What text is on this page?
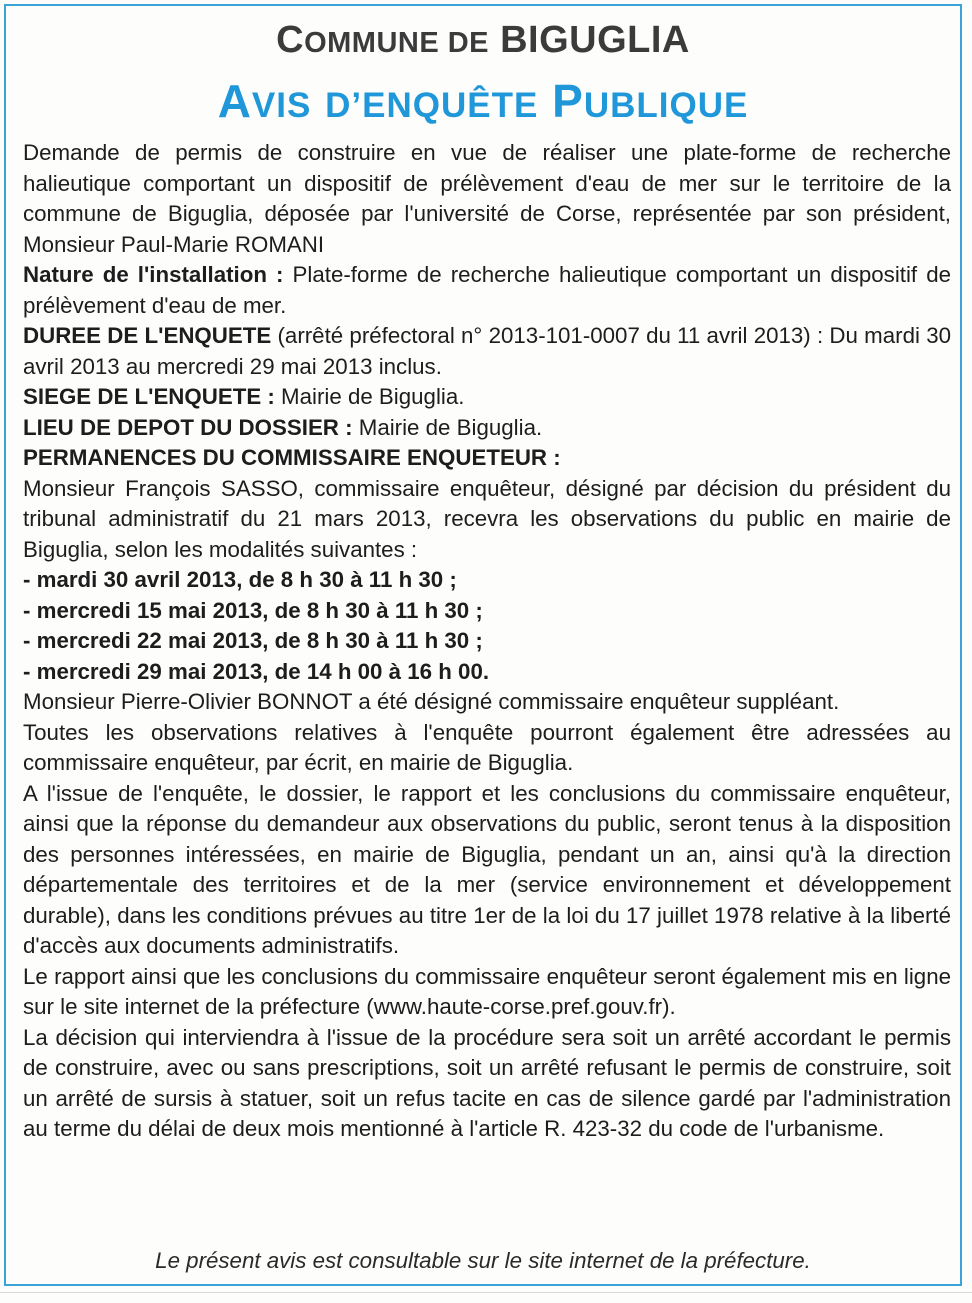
COMMUNE DE BIGUGLIA
AVIS D’ENQUÊTE PUBLIQUE

Demande de permis de construire en vue de réaliser une plate-forme de recherche halieutique comportant un dispositif de prélèvement d'eau de mer sur le territoire de la commune de Biguglia, déposée par l'université de Corse, représentée par son président, Monsieur Paul-Marie ROMANI

Nature de l'installation : Plate-forme de recherche halieutique comportant un dispositif de prélèvement d'eau de mer.

DUREE DE L'ENQUETE (arrêté préfectoral n° 2013-101-0007 du 11 avril 2013) : Du mardi 30 avril 2013 au mercredi 29 mai 2013 inclus.

SIEGE DE L'ENQUETE : Mairie de Biguglia.

LIEU DE DEPOT DU DOSSIER : Mairie de Biguglia.

PERMANENCES DU COMMISSAIRE ENQUETEUR :

Monsieur François SASSO, commissaire enquêteur, désigné par décision du président du tribunal administratif du 21 mars 2013, recevra les observations du public en mairie de Biguglia, selon les modalités suivantes :

- mardi 30 avril 2013, de 8 h 30 à 11 h 30 ;

- mercredi 15 mai 2013, de 8 h 30 à 11 h 30 ;

- mercredi 22 mai 2013, de 8 h 30 à 11 h 30 ;

- mercredi 29 mai 2013, de 14 h 00 à 16 h 00.

Monsieur Pierre-Olivier BONNOT a été désigné commissaire enquêteur suppléant.

Toutes les observations relatives à l'enquête pourront également être adressées au commissaire enquêteur, par écrit, en mairie de Biguglia.

A l'issue de l'enquête, le dossier, le rapport et les conclusions du commissaire enquêteur, ainsi que la réponse du demandeur aux observations du public, seront tenus à la disposition des personnes intéressées, en mairie de Biguglia, pendant un an, ainsi qu'à la direction départementale des territoires et de la mer (service environnement et développement durable), dans les conditions prévues au titre 1er de la loi du 17 juillet 1978 relative à la liberté d'accès aux documents administratifs.

Le rapport ainsi que les conclusions du commissaire enquêteur seront également mis en ligne sur le site internet de la préfecture (www.haute-corse.pref.gouv.fr).

La décision qui interviendra à l'issue de la procédure sera soit un arrêté accordant le permis de construire, avec ou sans prescriptions, soit un arrêté refusant le permis de construire, soit un arrêté de sursis à statuer, soit un refus tacite en cas de silence gardé par l'administration au terme du délai de deux mois mentionné à l'article R. 423-32 du code de l'urbanisme.

Le présent avis est consultable sur le site internet de la préfecture.
